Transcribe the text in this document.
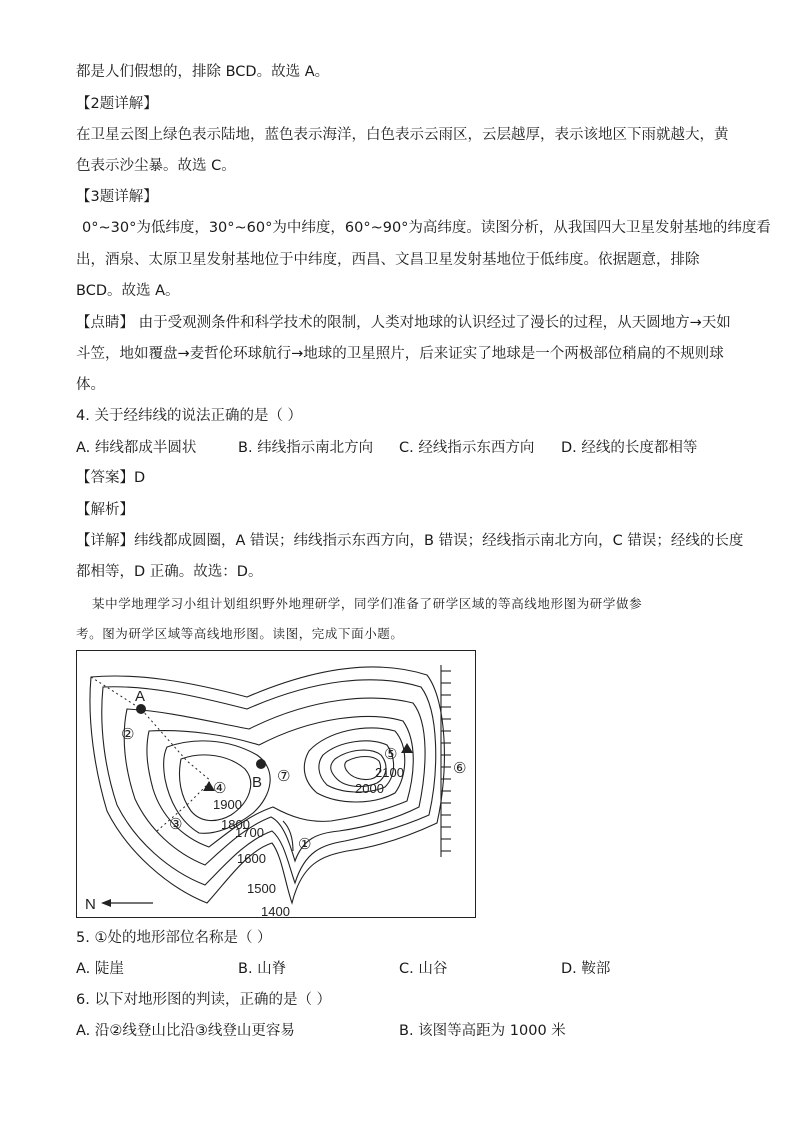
都是人们假想的，排除 BCD。故选 A。
【2题详解】
在卫星云图上绿色表示陆地，蓝色表示海洋，白色表示云雨区，云层越厚，表示该地区下雨就越大，黄
色表示沙尘暴。故选 C。
【3题详解】
0°~30°为低纬度，30°~60°为中纬度，60°~90°为高纬度。读图分析，从我国四大卫星发射基地的纬度看
出，酒泉、太原卫星发射基地位于中纬度，西昌、文昌卫星发射基地位于低纬度。依据题意，排除
BCD。故选 A。
【点睛】 由于受观测条件和科学技术的限制，人类对地球的认识经过了漫长的过程，从天圆地方→天如
斗笠，地如覆盘→麦哲伦环球航行→地球的卫星照片，后来证实了地球是一个两极部位稍扁的不规则球
体。
4. 关于经纬线的说法正确的是（ ）
A. 纬线都成半圆状	B. 纬线指示南北方向 C. 经线指示东西方向 D. 经线的长度都相等
【答案】D
【解析】
【详解】纬线都成圆圈，A 错误；纬线指示东西方向，B 错误；经线指示南北方向，C 错误；经线的长度
都相等，D 正确。故选：D。
某中学地理学习小组计划组织野外地理研学，同学们准备了研学区域的等高线地形图为研学做参
考。图为研学区域等高线地形图。读图，完成下面小题。
A
B
①
②
③
④
⑤
⑥
⑦
1400
1500
1600
1700
1800
1900
2000
2100
N
5. ①处的地形部位名称是（ ）
A. 陡崖	B. 山脊	C. 山谷	D. 鞍部
6. 以下对地形图的判读，正确的是（ ）
A. 沿②线登山比沿③线登山更容易	B. 该图等高距为 1000 米
